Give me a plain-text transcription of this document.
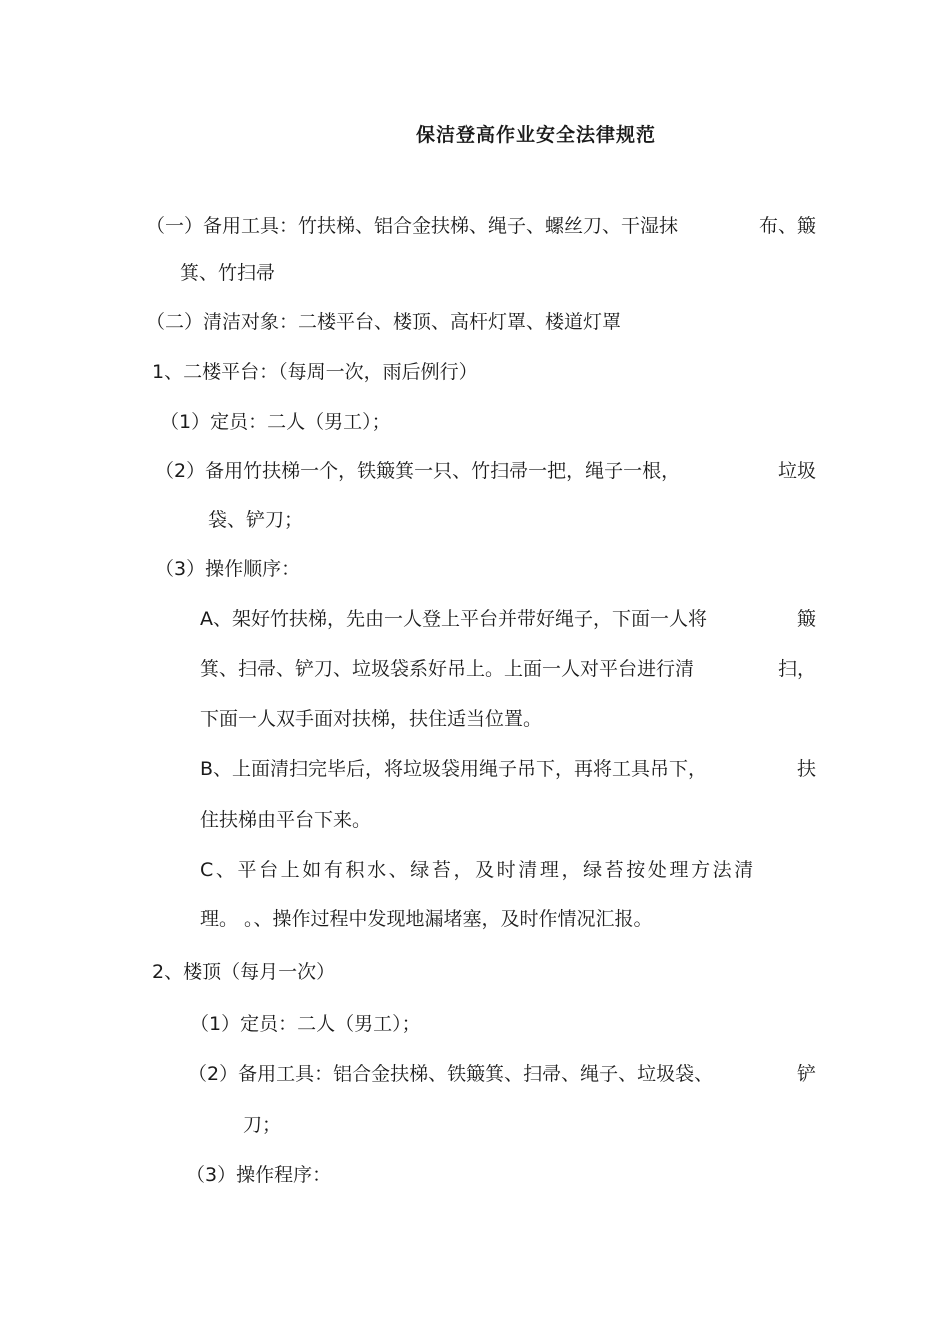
保洁登高作业安全法律规范
（一）备用工具：竹扶梯、铝合金扶梯、绳子、螺丝刀、干湿抹	布、簸
箕、竹扫帚
（二）清洁对象：二楼平台、楼顶、高杆灯罩、楼道灯罩
1、二楼平台：（每周一次，雨后例行）
（1）定员：二人（男工）；
（2）备用竹扶梯一个，铁簸箕一只、竹扫帚一把，绳子一根，	垃圾
袋、铲刀；
（3）操作顺序：
A、架好竹扶梯，先由一人登上平台并带好绳子，下面一人将	簸
箕、扫帚、铲刀、垃圾袋系好吊上。上面一人对平台进行清	扫，
下面一人双手面对扶梯，扶住适当位置。
B、上面清扫完毕后，将垃圾袋用绳子吊下，再将工具吊下，	扶
住扶梯由平台下来。
C、平台上如有积水、绿苔，及时清理，绿苔按处理方法清
理。 。、操作过程中发现地漏堵塞，及时作情况汇报。
2、楼顶（每月一次）
（1）定员：二人（男工）；
（2）备用工具：铝合金扶梯、铁簸箕、扫帚、绳子、垃圾袋、	铲
刀；
（3）操作程序：
